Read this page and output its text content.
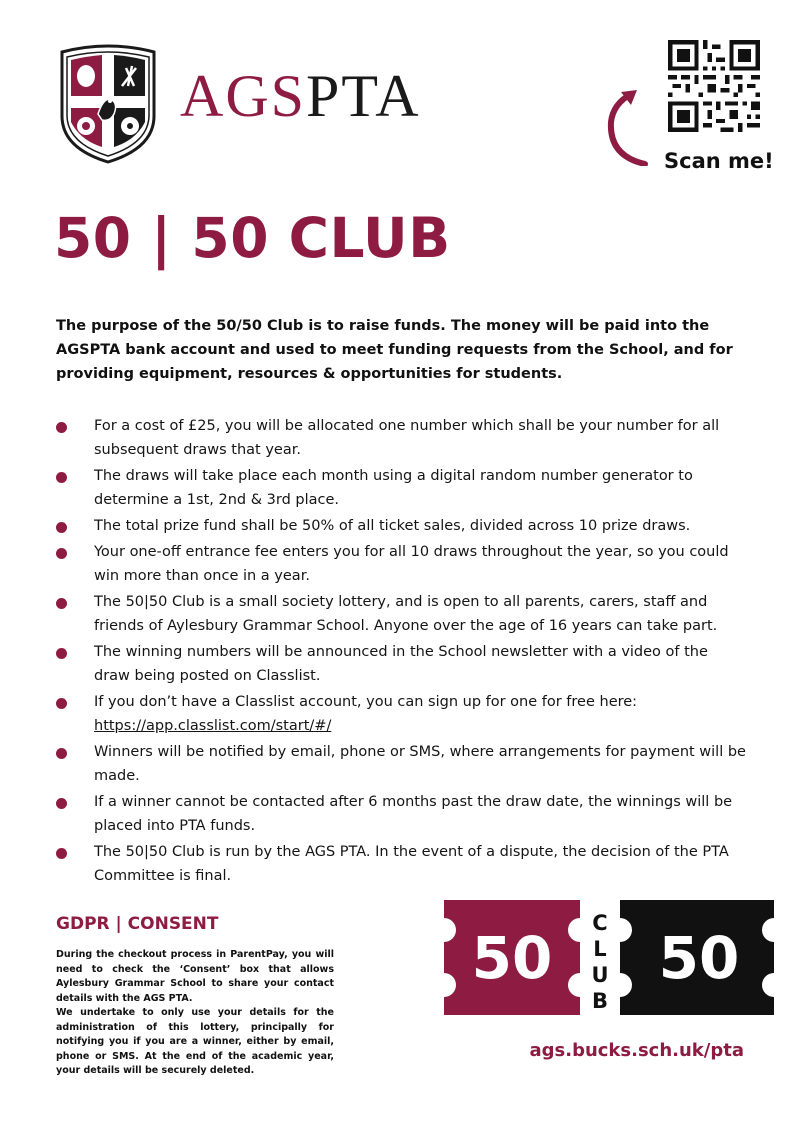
AGSPTA

Scan me!

50 | 50 CLUB

The purpose of the 50/50 Club is to raise funds. The money will be paid into the AGSPTA bank account and used to meet funding requests from the School, and for providing equipment, resources & opportunities for students.

For a cost of £25, you will be allocated one number which shall be your number for all subsequent draws that year.
The draws will take place each month using a digital random number generator to determine a 1st, 2nd & 3rd place.
The total prize fund shall be 50% of all ticket sales, divided across 10 prize draws.
Your one-off entrance fee enters you for all 10 draws throughout the year, so you could win more than once in a year.
The 50|50 Club is a small society lottery, and is open to all parents, carers, staff and friends of Aylesbury Grammar School. Anyone over the age of 16 years can take part.
The winning numbers will be announced in the School newsletter with a video of the draw being posted on Classlist.
If you don’t have a Classlist account, you can sign up for one for free here:
https://app.classlist.com/start/#/
Winners will be notified by email, phone or SMS, where arrangements for payment will be made.
If a winner cannot be contacted after 6 months past the draw date, the winnings will be placed into PTA funds.
The 50|50 Club is run by the AGS PTA. In the event of a dispute, the decision of the PTA Committee is final.
GDPR | CONSENT

During the checkout process in ParentPay, you will need to check the ‘Consent’ box that allows Aylesbury Grammar School to share your contact details with the AGS PTA.

We undertake to only use your details for the administration of this lottery, principally for notifying you if you are a winner, either by email, phone or SMS. At the end of the academic year, your details will be securely deleted.

50 50
C
L
U
B

ags.bucks.sch.uk/pta
